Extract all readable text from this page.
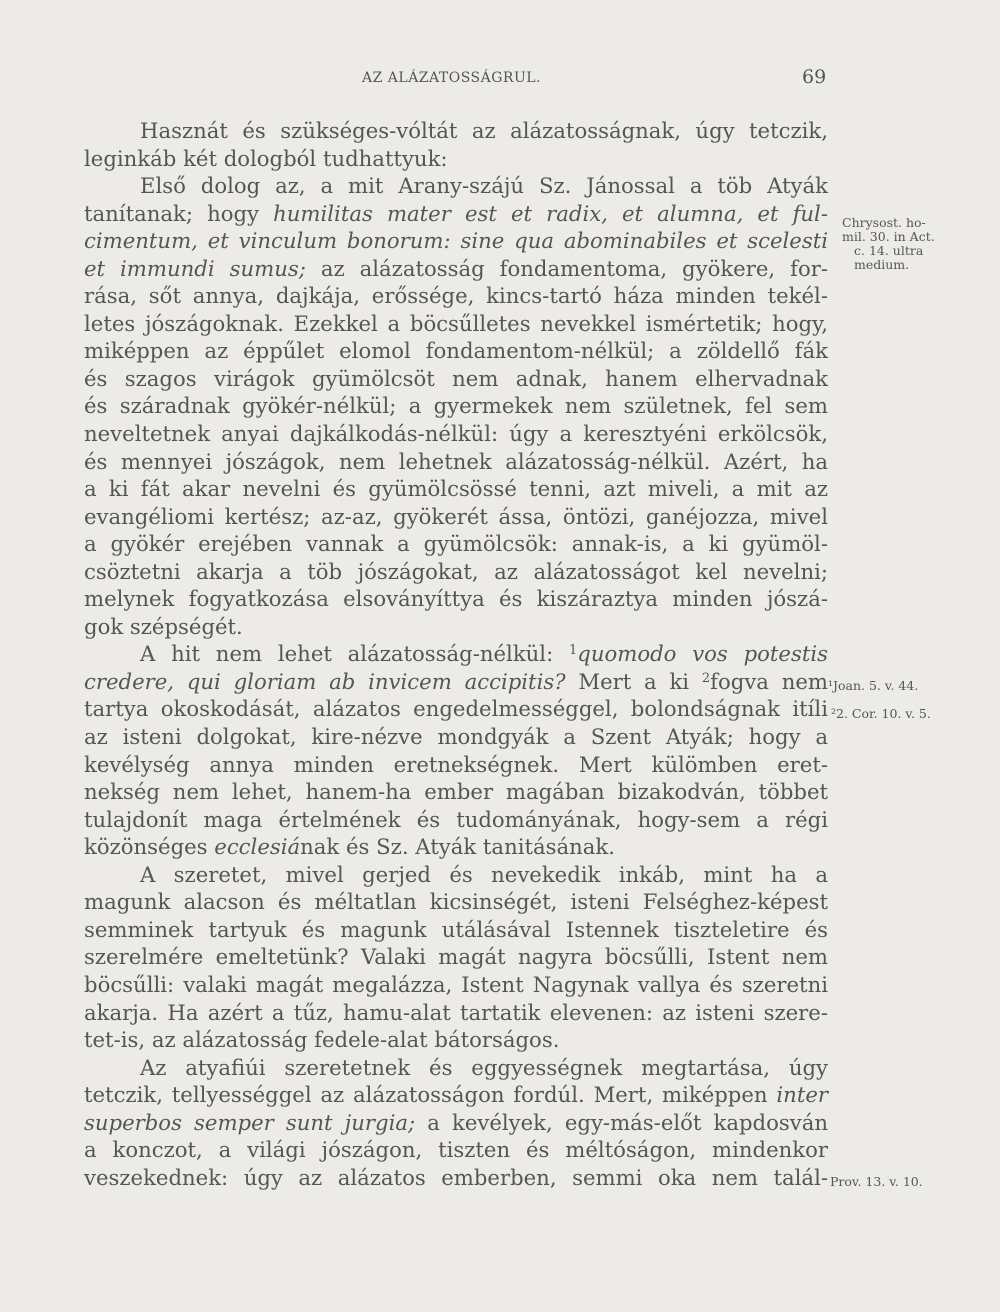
AZ ALÁZATOSSÁGRUL.	69
Hasznát és szükséges-vóltát az alázatosságnak, úgy tetczik,
leginkáb két dologból tudhattyuk:
Első dolog az, a mit Arany-szájú Sz. Jánossal a töb Atyák
tanítanak; hogy humilitas mater est et radix, et alumna, et ful-
cimentum, et vinculum bonorum: sine qua abominabiles et scelesti
et immundi sumus; az alázatosság fondamentoma, gyökere, for-
rása, sőt annya, dajkája, erőssége, kincs-tartó háza minden tekél-
letes jószágoknak. Ezekkel a böcsűlletes nevekkel ismértetik; hogy,
miképpen az éppűlet elomol fondamentom-nélkül; a zöldellő fák
és szagos virágok gyümölcsöt nem adnak, hanem elhervadnak
és száradnak gyökér-nélkül; a gyermekek nem születnek, fel sem
neveltetnek anyai dajkálkodás-nélkül: úgy a keresztyéni erkölcsök,
és mennyei jószágok, nem lehetnek alázatosság-nélkül. Azért, ha
a ki fát akar nevelni és gyümölcsössé tenni, azt miveli, a mit az
evangéliomi kertész; az-az, gyökerét ássa, öntözi, ganéjozza, mivel
a gyökér erejében vannak a gyümölcsök: annak-is, a ki gyümöl-
csöztetni akarja a töb jószágokat, az alázatosságot kel nevelni;
melynek fogyatkozása elsoványíttya és kiszáraztya minden jószá-
gok szépségét.
A hit nem lehet alázatosság-nélkül: $^1$quomodo vos potestis
credere, qui gloriam ab invicem accipitis? Mert a ki $^2$fogva nem
tartya okoskodását, alázatos engedelmességgel, bolondságnak itíli
az isteni dolgokat, kire-nézve mondgyák a Szent Atyák; hogy a
kevélység annya minden eretnekségnek. Mert külömben eret-
nekség nem lehet, hanem-ha ember magában bizakodván, többet
tulajdonít maga értelmének és tudományának, hogy-sem a régi
közönséges ecclesiának és Sz. Atyák tanitásának.
A szeretet, mivel gerjed és nevekedik inkáb, mint ha a
magunk alacson és méltatlan kicsinségét, isteni Felséghez-képest
semminek tartyuk és magunk utálásával Istennek tiszteletire és
szerelmére emeltetünk? Valaki magát nagyra böcsűlli, Istent nem
böcsűlli: valaki magát megalázza, Istent Nagynak vallya és szeretni
akarja. Ha azért a tűz, hamu-alat tartatik elevenen: az isteni szere-
tet-is, az alázatosság fedele-alat bátorságos.
Az atyafiúi szeretetnek és eggyességnek megtartása, úgy
tetczik, tellyességgel az alázatosságon fordúl. Mert, miképpen inter
superbos semper sunt jurgia; a kevélyek, egy-más-előt kapdosván
a konczot, a világi jószágon, tiszten és méltóságon, mindenkor
veszekednek: úgy az alázatos emberben, semmi oka nem talál-
Chrysost. ho-
mil. 30. in Act.
c. 14. ultra
medium.
¹Joan. 5. v. 44.
²2. Cor. 10. v. 5.
Prov. 13. v. 10.
